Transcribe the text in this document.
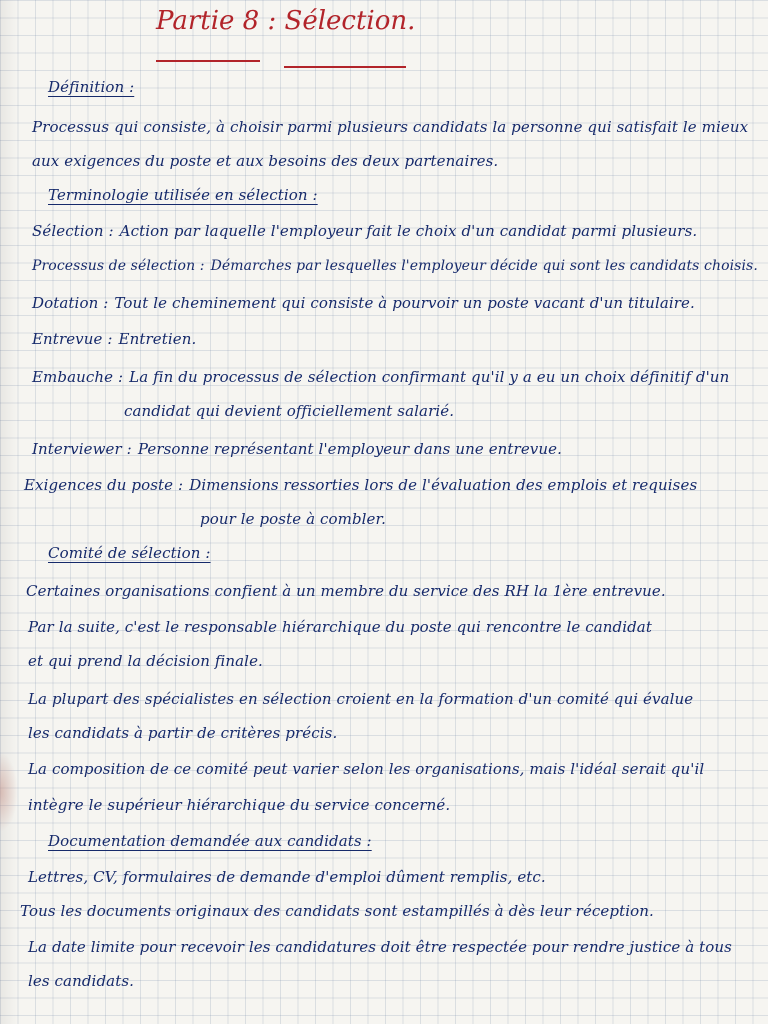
Partie 8 : Sélection.
Définition :
Processus qui consiste, à choisir parmi plusieurs candidats la personne qui satisfait le mieux
aux exigences du poste et aux besoins des deux partenaires.
Terminologie utilisée en sélection :
Sélection : Action par laquelle l'employeur fait le choix d'un candidat parmi plusieurs.
Processus de sélection : Démarches par lesquelles l'employeur décide qui sont les candidats choisis.
Dotation : Tout le cheminement qui consiste à pourvoir un poste vacant d'un titulaire.
Entrevue : Entretien.
Embauche : La fin du processus de sélection confirmant qu'il y a eu un choix définitif d'un
candidat qui devient officiellement salarié.
Interviewer : Personne représentant l'employeur dans une entrevue.
Exigences du poste : Dimensions ressorties lors de l'évaluation des emplois et requises
pour le poste à combler.
Comité de sélection :
Certaines organisations confient à un membre du service des RH la 1ère entrevue.
Par la suite, c'est le responsable hiérarchique du poste qui rencontre le candidat
et qui prend la décision finale.
La plupart des spécialistes en sélection croient en la formation d'un comité qui évalue
les candidats à partir de critères précis.
La composition de ce comité peut varier selon les organisations, mais l'idéal serait qu'il
intègre le supérieur hiérarchique du service concerné.
Documentation demandée aux candidats :
Lettres, CV, formulaires de demande d'emploi dûment remplis, etc.
Tous les documents originaux des candidats sont estampillés à dès leur réception.
La date limite pour recevoir les candidatures doit être respectée pour rendre justice à tous
les candidats.
